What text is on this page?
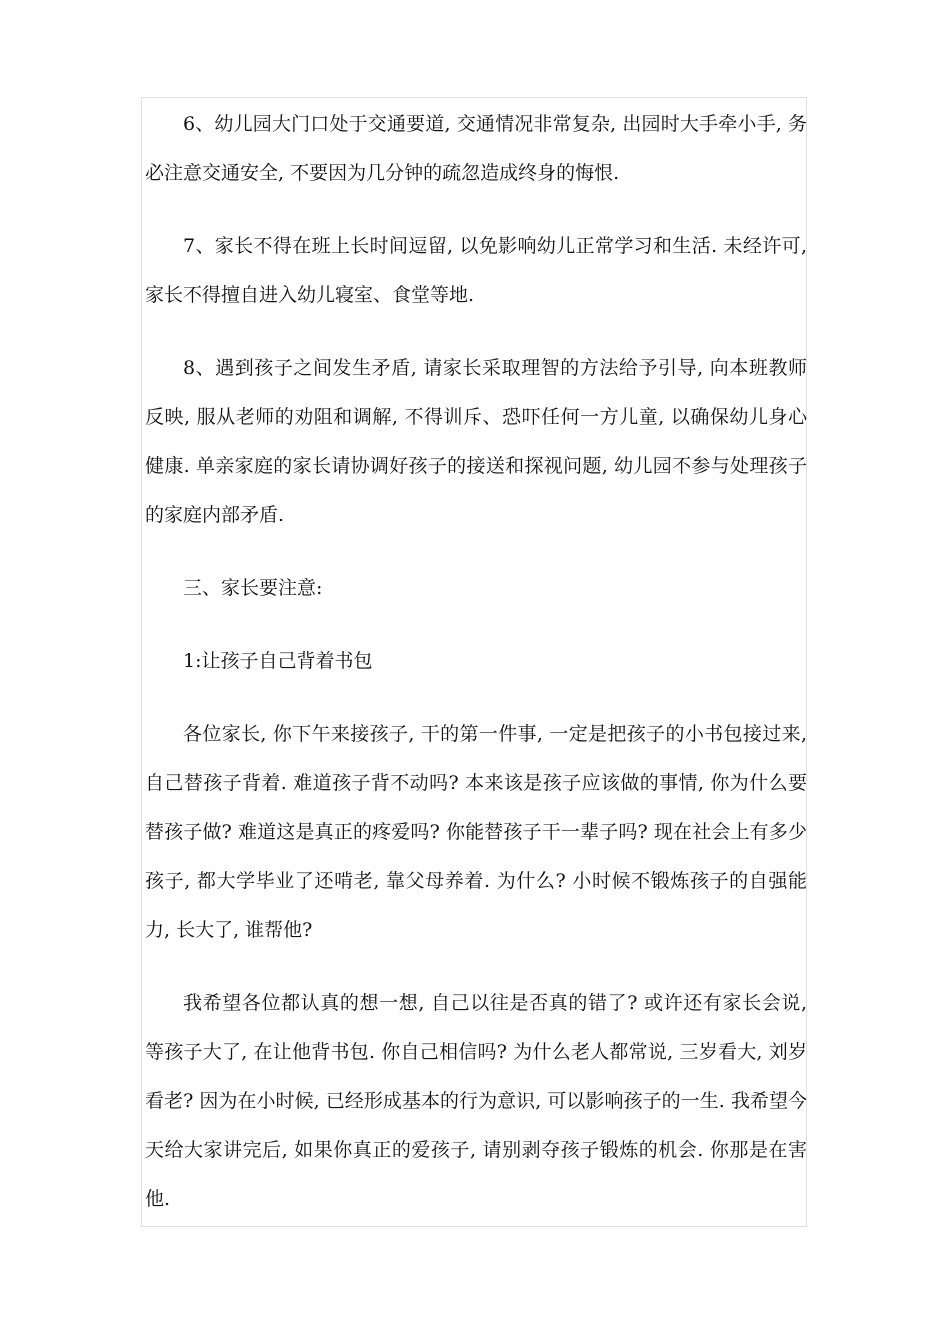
6、幼儿园大门口处于交通要道, 交通情况非常复杂, 出园时大手牵小手, 务必注意交通安全, 不要因为几分钟的疏忽造成终身的悔恨.

7、家长不得在班上长时间逗留, 以免影响幼儿正常学习和生活. 未经许可, 家长不得擅自进入幼儿寝室、食堂等地.

8、遇到孩子之间发生矛盾, 请家长采取理智的方法给予引导, 向本班教师反映, 服从老师的劝阻和调解, 不得训斥、恐吓任何一方儿童, 以确保幼儿身心健康. 单亲家庭的家长请协调好孩子的接送和探视问题, 幼儿园不参与处理孩子的家庭内部矛盾.

三、家长要注意:

1:让孩子自己背着书包

各位家长, 你下午来接孩子, 干的第一件事, 一定是把孩子的小书包接过来, 自己替孩子背着. 难道孩子背不动吗? 本来该是孩子应该做的事情, 你为什么要替孩子做? 难道这是真正的疼爱吗? 你能替孩子干一辈子吗? 现在社会上有多少孩子, 都大学毕业了还啃老, 靠父母养着. 为什么? 小时候不锻炼孩子的自强能力, 长大了, 谁帮他?

我希望各位都认真的想一想, 自己以往是否真的错了? 或许还有家长会说, 等孩子大了, 在让他背书包. 你自己相信吗? 为什么老人都常说, 三岁看大, 刘岁看老? 因为在小时候, 已经形成基本的行为意识, 可以影响孩子的一生. 我希望今天给大家讲完后, 如果你真正的爱孩子, 请别剥夺孩子锻炼的机会. 你那是在害他.
